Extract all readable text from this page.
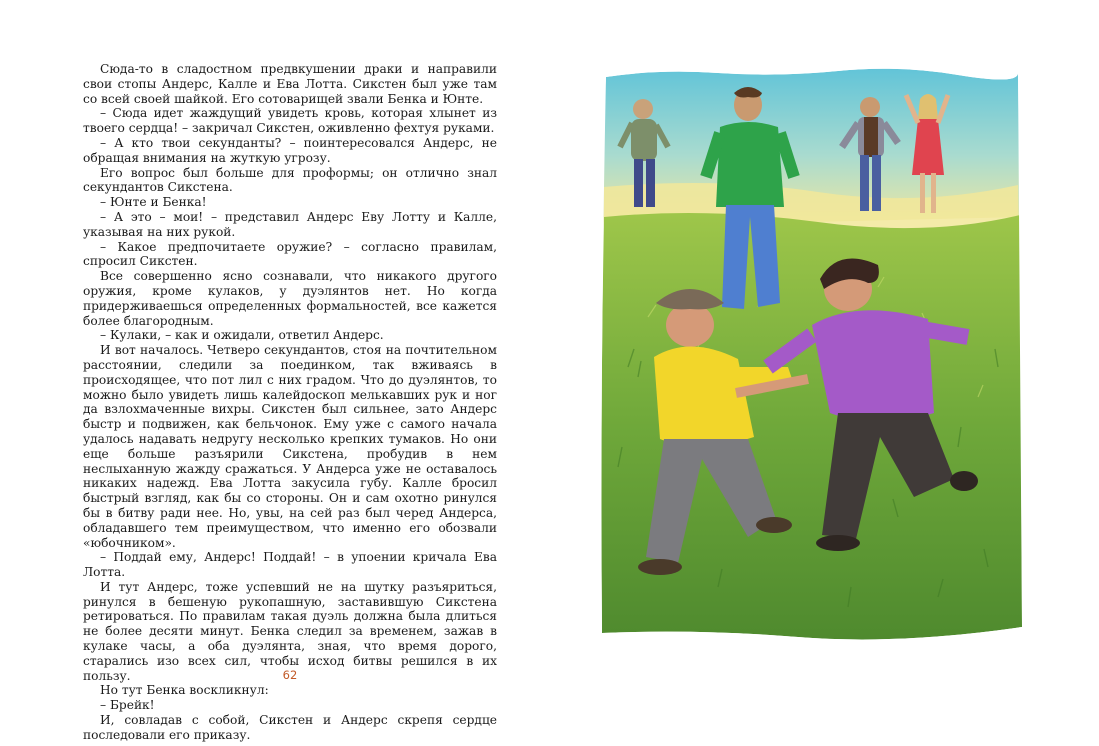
Сюда-то в сладостном предвкушении драки и направили свои стопы Андерс, Калле и Ева Лотта. Сикстен был уже там со всей своей шайкой. Его сотоварищей звали Бенка и Юнте.

– Сюда идет жаждущий увидеть кровь, которая хлынет из твоего сердца! – закричал Сикстен, оживленно фехтуя руками.

– А кто твои секунданты? – поинтересовался Андерс, не обращая внимания на жуткую угрозу.

Его вопрос был больше для проформы; он отлично знал секундантов Сикстена.

– Юнте и Бенка!

– А это – мои! – представил Андерс Еву Лотту и Калле, указывая на них рукой.

– Какое предпочитаете оружие? – согласно правилам, спросил Сикстен.

Все совершенно ясно сознавали, что никакого другого оружия, кроме кулаков, у дуэлянтов нет. Но когда придерживаешься определенных формальностей, все кажется более благородным.

– Кулаки, – как и ожидали, ответил Андерс.

И вот началось. Четверо секундантов, стоя на почтительном расстоянии, следили за поединком, так вживаясь в происходящее, что пот лил с них градом. Что до дуэлянтов, то можно было увидеть лишь калейдоскоп мелькавших рук и ног да взлохмаченные вихры. Сикстен был сильнее, зато Андерс быстр и подвижен, как бельчонок. Ему уже с самого начала удалось надавать недругу несколько крепких тумаков. Но они еще больше разъярили Сикстена, пробудив в нем неслыханную жажду сражаться. У Андерса уже не оставалось никаких надежд. Ева Лотта закусила губу. Калле бросил быстрый взгляд, как бы со стороны. Он и сам охотно ринулся бы в битву ради нее. Но, увы, на сей раз был черед Андерса, обладавшего тем преимуществом, что именно его обозвали «юбочником».

– Поддай ему, Андерс! Поддай! – в упоении кричала Ева Лотта.

И тут Андерс, тоже успевший не на шутку разъяриться, ринулся в бешеную рукопашную, заставившую Сикстена ретироваться. По правилам такая дуэль должна была длиться не более десяти минут. Бенка следил за временем, зажав в кулаке часы, а оба дуэлянта, зная, что время дорого, старались изо всех сил, чтобы исход битвы решился в их пользу.

Но тут Бенка воскликнул:

– Брейк!

И, совладав с собой, Сикстен и Андерс скрепя сердце последовали его приказу.

62
